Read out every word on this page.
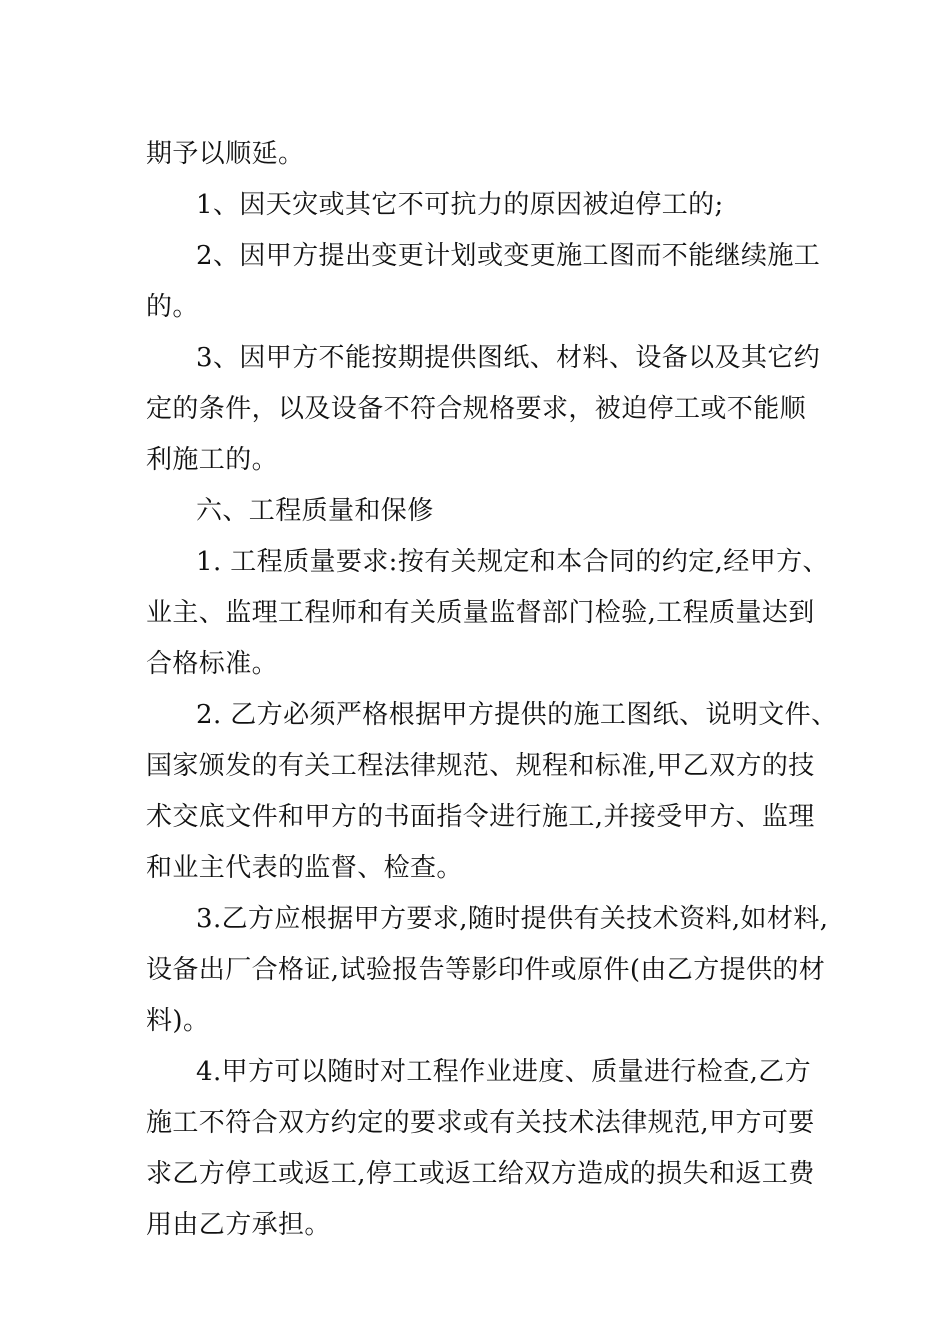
期予以顺延。
1、因天灾或其它不可抗力的原因被迫停工的;
2、因甲方提出变更计划或变更施工图而不能继续施工
的。
3、因甲方不能按期提供图纸、材料、设备以及其它约
定的条件，以及设备不符合规格要求，被迫停工或不能顺
利施工的。
六、工程质量和保修
1. 工程质量要求:按有关规定和本合同的约定,经甲方、
业主、监理工程师和有关质量监督部门检验,工程质量达到
合格标准。
2. 乙方必须严格根据甲方提供的施工图纸、说明文件、
国家颁发的有关工程法律规范、规程和标准,甲乙双方的技
术交底文件和甲方的书面指令进行施工,并接受甲方、监理
和业主代表的监督、检查。
3.乙方应根据甲方要求,随时提供有关技术资料,如材料,
设备出厂合格证,试验报告等影印件或原件(由乙方提供的材
料)。
4.甲方可以随时对工程作业进度、质量进行检查,乙方
施工不符合双方约定的要求或有关技术法律规范,甲方可要
求乙方停工或返工,停工或返工给双方造成的损失和返工费
用由乙方承担。
